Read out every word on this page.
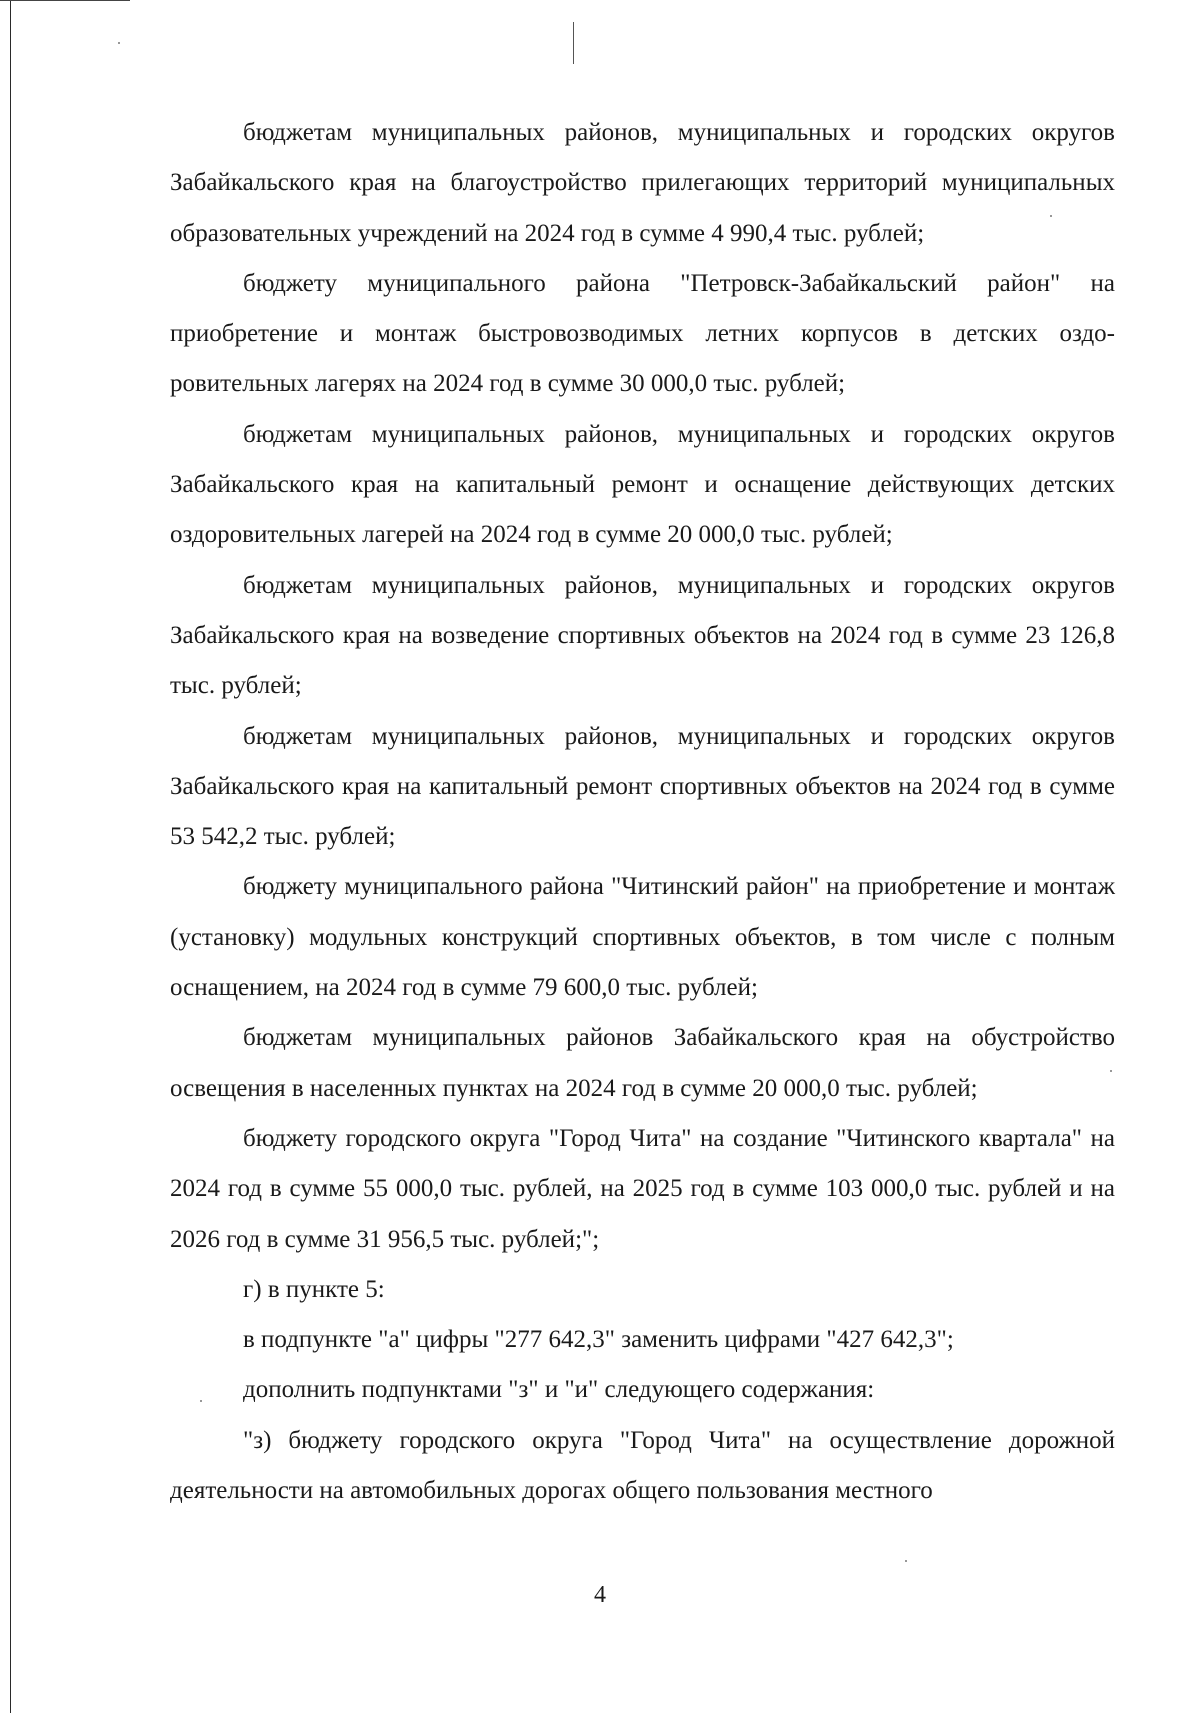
бюджетам муниципальных районов, муниципальных и городских округов Забайкальского края на благоустройство прилегающих территорий муниципальных образовательных учреждений на 2024 год в сумме 4 990,4 тыс. рублей;

бюджету муниципального района "Петровск-Забайкальский район" на приобретение и монтаж быстровозводимых летних корпусов в детских оздоровительных лагерях на 2024 год в сумме 30 000,0 тыс. рублей;

бюджетам муниципальных районов, муниципальных и городских округов Забайкальского края на капитальный ремонт и оснащение действующих детских оздоровительных лагерей на 2024 год в сумме 20 000,0 тыс. рублей;

бюджетам муниципальных районов, муниципальных и городских округов Забайкальского края на возведение спортивных объектов на 2024 год в сумме 23 126,8 тыс. рублей;

бюджетам муниципальных районов, муниципальных и городских округов Забайкальского края на капитальный ремонт спортивных объектов на 2024 год в сумме 53 542,2 тыс. рублей;

бюджету муниципального района "Читинский район" на приобретение и монтаж (установку) модульных конструкций спортивных объектов, в том числе с полным оснащением, на 2024 год в сумме 79 600,0 тыс. рублей;

бюджетам муниципальных районов Забайкальского края на обустройство освещения в населенных пунктах на 2024 год в сумме 20 000,0 тыс. рублей;

бюджету городского округа "Город Чита" на создание "Читинского квартала" на 2024 год в сумме 55 000,0 тыс. рублей, на 2025 год в сумме 103 000,0 тыс. рублей и на 2026 год в сумме 31 956,5 тыс. рублей;";

г) в пункте 5:

в подпункте "а" цифры "277 642,3" заменить цифрами "427 642,3";

дополнить подпунктами "з" и "и" следующего содержания:

"з) бюджету городского округа "Город Чита" на осуществление дорожной деятельности на автомобильных дорогах общего пользования местного

4
